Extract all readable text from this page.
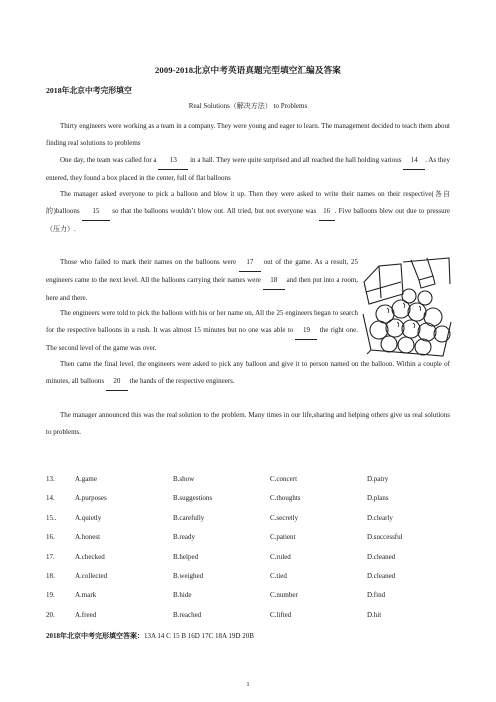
2009-2018北京中考英语真题完型填空汇编及答案
2018年北京中考完形填空
Real Solutions（解决方法） to Problems
Thirty engineers were working as a team in a company. They were young and eager to learn. The management decided to teach them about finding real solutions to problems
One day, the team was called for a 13 in a hall. They were quite surprised and all reached the hall holding various 14 . As they entered, they found a box placed in the center, full of flat balloons
The manager asked everyone to pick a balloon and blow it up. Then they were asked to write their names on their respective(各自的)balloons 15 so that the balloons wouldn’t blow out. All tried, but not everyone was 16 . Five balloons blew out due to pressure（压力）.
Those who failed to mark their names on the balloons were 17 out of the game. As a result, 25 engineers came to the next level. All the balloons carrying their names were 18 and then put into a room, here and there.
The engineers were told to pick the balloon with his or her name on, All the 25 engineers began to search for the respective balloons in a rush. It was almost 15 minutes but no one was able to 19 the right one. The second level of the game was over.
Then came the final level. the engineers were asked to pick any balloon and give it to person named on the balloon. Within a couple of minutes, all balloons 20 the hands of the respective engineers.
The manager announced this was the real solution to the problem. Many times in our life,sharing and helping others give us real solutions to problems.
13.	A.game	B.show	C.concert	D.patry
14.	A.purposes	B.suggestions	C.thoughts	D.plans
15..	A.quietly	B.carefully	C.secretly	D.clearly
16.	A.honest	B.ready	C.patient	D.successful
17.	A.checked	B.helped	C.ruled	D.cleaned
18.	A.collected	B.weighed	C.tied	D.cleaned
19.	A.mark	B.hide	C.number	D.find
20.	A.freed	B.reached	C.lifted	D.hit
2018年北京中考完形填空答案：13A 14 C 15 B 16D 17C 18A 19D 20B
1
